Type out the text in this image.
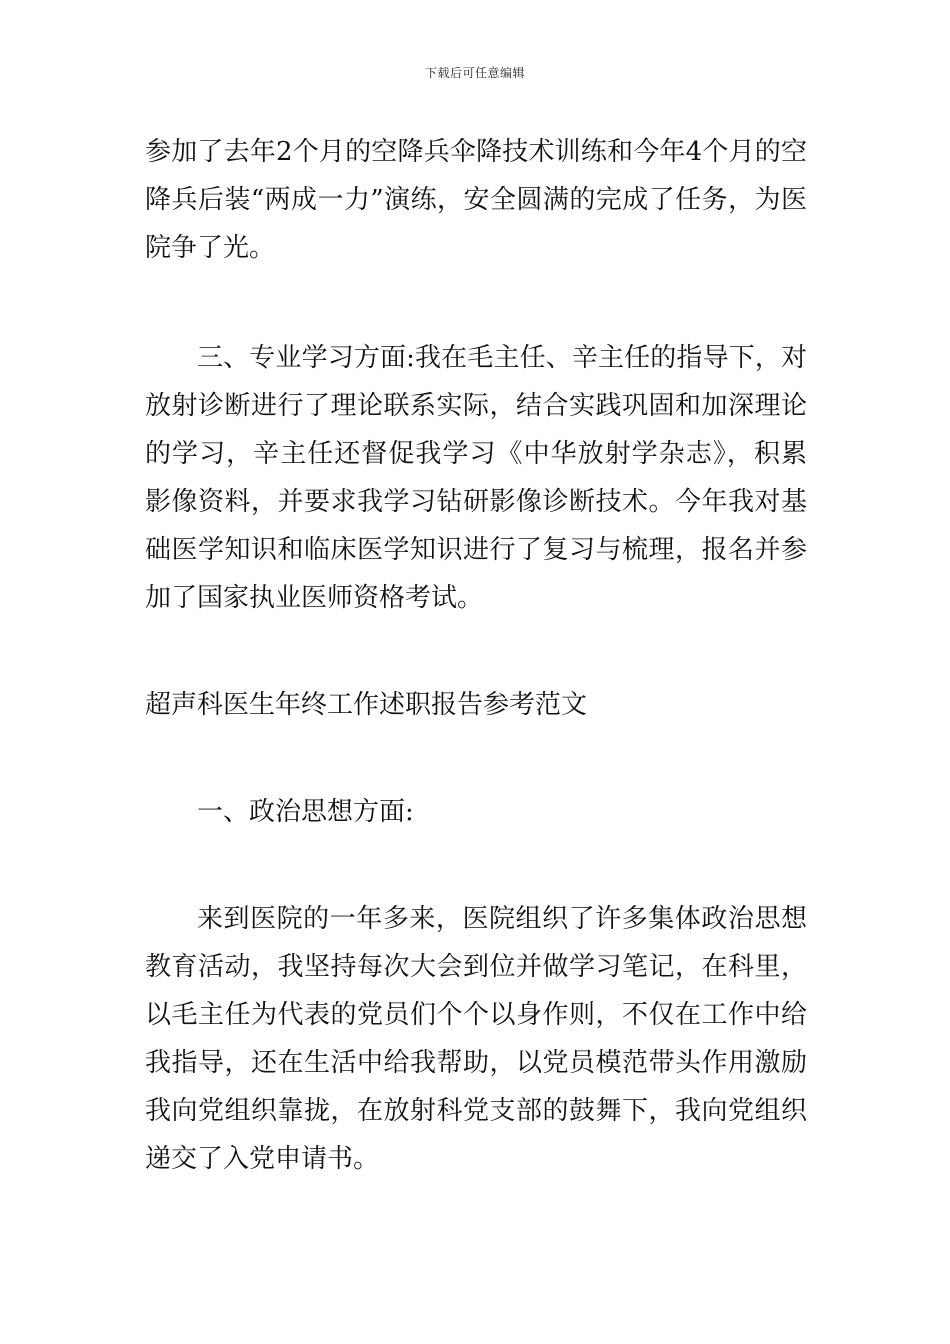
下载后可任意编辑

参加了去年2个月的空降兵伞降技术训练和今年4个月的空降兵后装“两成一力”演练，安全圆满的完成了任务，为医院争了光。

三、专业学习方面:我在毛主任、辛主任的指导下，对放射诊断进行了理论联系实际，结合实践巩固和加深理论的学习，辛主任还督促我学习《中华放射学杂志》，积累影像资料，并要求我学习钻研影像诊断技术。今年我对基础医学知识和临床医学知识进行了复习与梳理，报名并参加了国家执业医师资格考试。

超声科医生年终工作述职报告参考范文

一、政治思想方面:

来到医院的一年多来，医院组织了许多集体政治思想教育活动，我坚持每次大会到位并做学习笔记，在科里，以毛主任为代表的党员们个个以身作则，不仅在工作中给我指导，还在生活中给我帮助，以党员模范带头作用激励我向党组织靠拢，在放射科党支部的鼓舞下，我向党组织递交了入党申请书。
